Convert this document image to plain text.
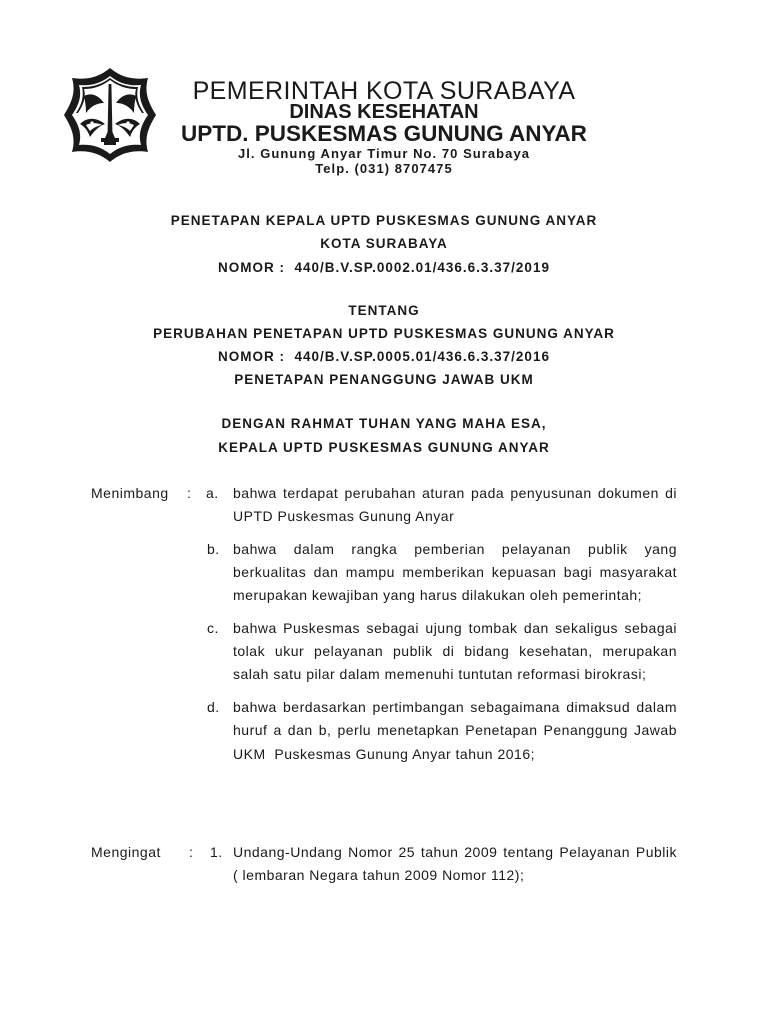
PEMERINTAH KOTA SURABAYA
DINAS KESEHATAN
UPTD. PUSKESMAS GUNUNG ANYAR
Jl. Gunung Anyar Timur No. 70 Surabaya
Telp. (031) 8707475
PENETAPAN KEPALA UPTD PUSKESMAS GUNUNG ANYAR
KOTA SURABAYA
NOMOR :  440/B.V.SP.0002.01/436.6.3.37/2019
TENTANG
PERUBAHAN PENETAPAN UPTD PUSKESMAS GUNUNG ANYAR
NOMOR :  440/B.V.SP.0005.01/436.6.3.37/2016
PENETAPAN PENANGGUNG JAWAB UKM
DENGAN RAHMAT TUHAN YANG MAHA ESA,
KEPALA UPTD PUSKESMAS GUNUNG ANYAR
Menimbang : a.	bahwa terdapat perubahan aturan pada penyusunan dokumen di
UPTD Puskesmas Gunung Anyar
b. bahwa dalam rangka pemberian pelayanan publik yang
berkualitas dan mampu memberikan kepuasan bagi masyarakat
merupakan kewajiban yang harus dilakukan oleh pemerintah;
c.	bahwa Puskesmas sebagai ujung tombak dan sekaligus sebagai
tolak ukur pelayanan publik di bidang kesehatan, merupakan
salah satu pilar dalam memenuhi tuntutan reformasi birokrasi;
d. bahwa berdasarkan pertimbangan sebagaimana dimaksud dalam
huruf a dan b, perlu menetapkan Penetapan Penanggung Jawab
UKM  Puskesmas Gunung Anyar tahun 2016;
Mengingat : 1. Undang-Undang Nomor 25 tahun 2009 tentang Pelayanan Publik
( lembaran Negara tahun 2009 Nomor 112);
